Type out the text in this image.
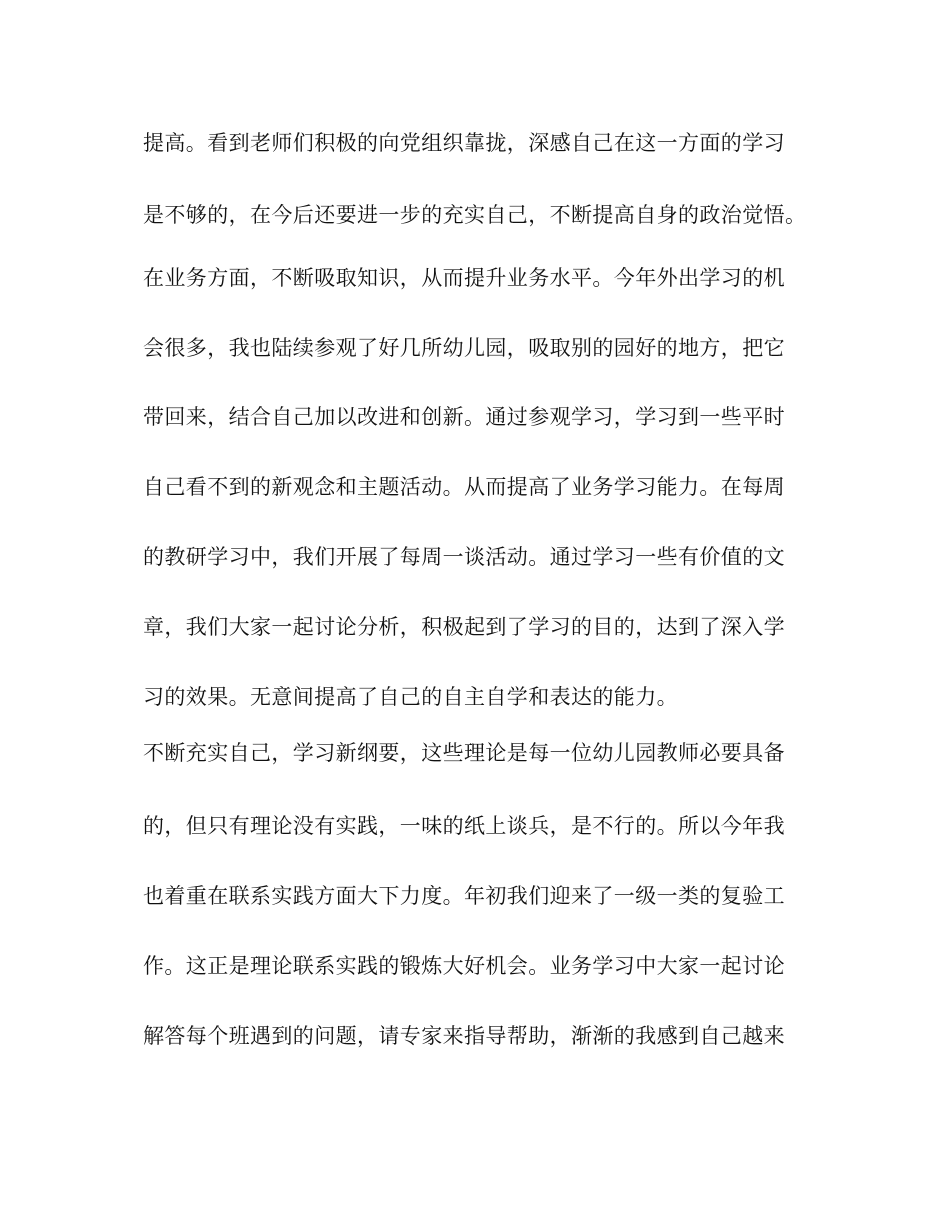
提高。看到老师们积极的向党组织靠拢，深感自己在这一方面的学习
是不够的，在今后还要进一步的充实自己，不断提高自身的政治觉悟。
在业务方面，不断吸取知识，从而提升业务水平。今年外出学习的机
会很多，我也陆续参观了好几所幼儿园，吸取别的园好的地方，把它
带回来，结合自己加以改进和创新。通过参观学习，学习到一些平时
自己看不到的新观念和主题活动。从而提高了业务学习能力。在每周
的教研学习中，我们开展了每周一谈活动。通过学习一些有价值的文
章，我们大家一起讨论分析，积极起到了学习的目的，达到了深入学
习的效果。无意间提高了自己的自主自学和表达的能力。
不断充实自己，学习新纲要，这些理论是每一位幼儿园教师必要具备
的，但只有理论没有实践，一味的纸上谈兵，是不行的。所以今年我
也着重在联系实践方面大下力度。年初我们迎来了一级一类的复验工
作。这正是理论联系实践的锻炼大好机会。业务学习中大家一起讨论
解答每个班遇到的问题，请专家来指导帮助，渐渐的我感到自己越来
